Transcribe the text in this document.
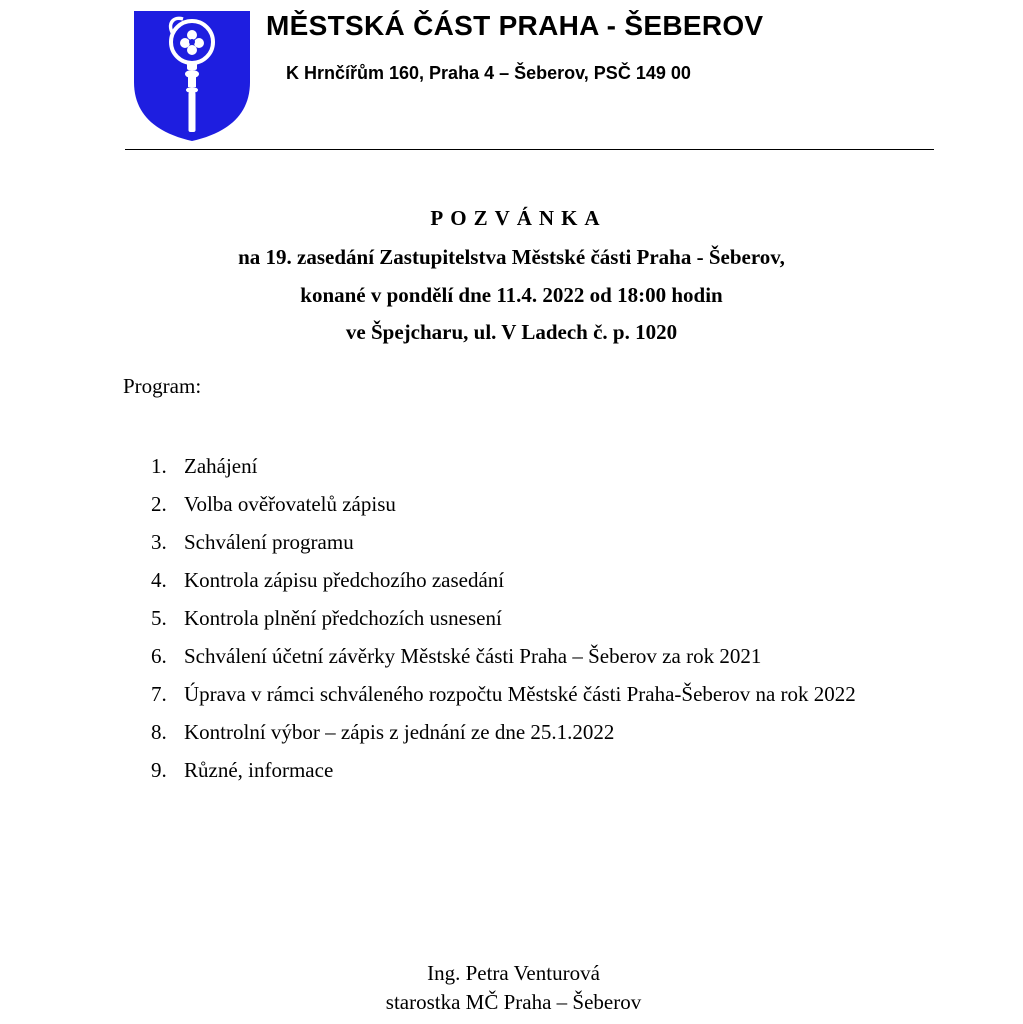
MĚSTSKÁ ČÁST PRAHA - ŠEBEROV
K Hrnčířům 160, Praha 4 – Šeberov, PSČ 149 00
POZVÁNKA
na 19. zasedání Zastupitelstva Městské části Praha - Šeberov,
konané v pondělí dne 11.4. 2022 od 18:00 hodin
ve Špejcharu, ul. V Ladech č. p. 1020
Program:
1. Zahájení
2. Volba ověřovatelů zápisu
3. Schválení programu
4. Kontrola zápisu předchozího zasedání
5. Kontrola plnění předchozích usnesení
6. Schválení účetní závěrky Městské části Praha – Šeberov za rok 2021
7. Úprava v rámci schváleného rozpočtu Městské části Praha-Šeberov na rok 2022
8. Kontrolní výbor – zápis z jednání ze dne 25.1.2022
9. Různé, informace
Ing. Petra Venturová
starostka MČ Praha – Šeberov
